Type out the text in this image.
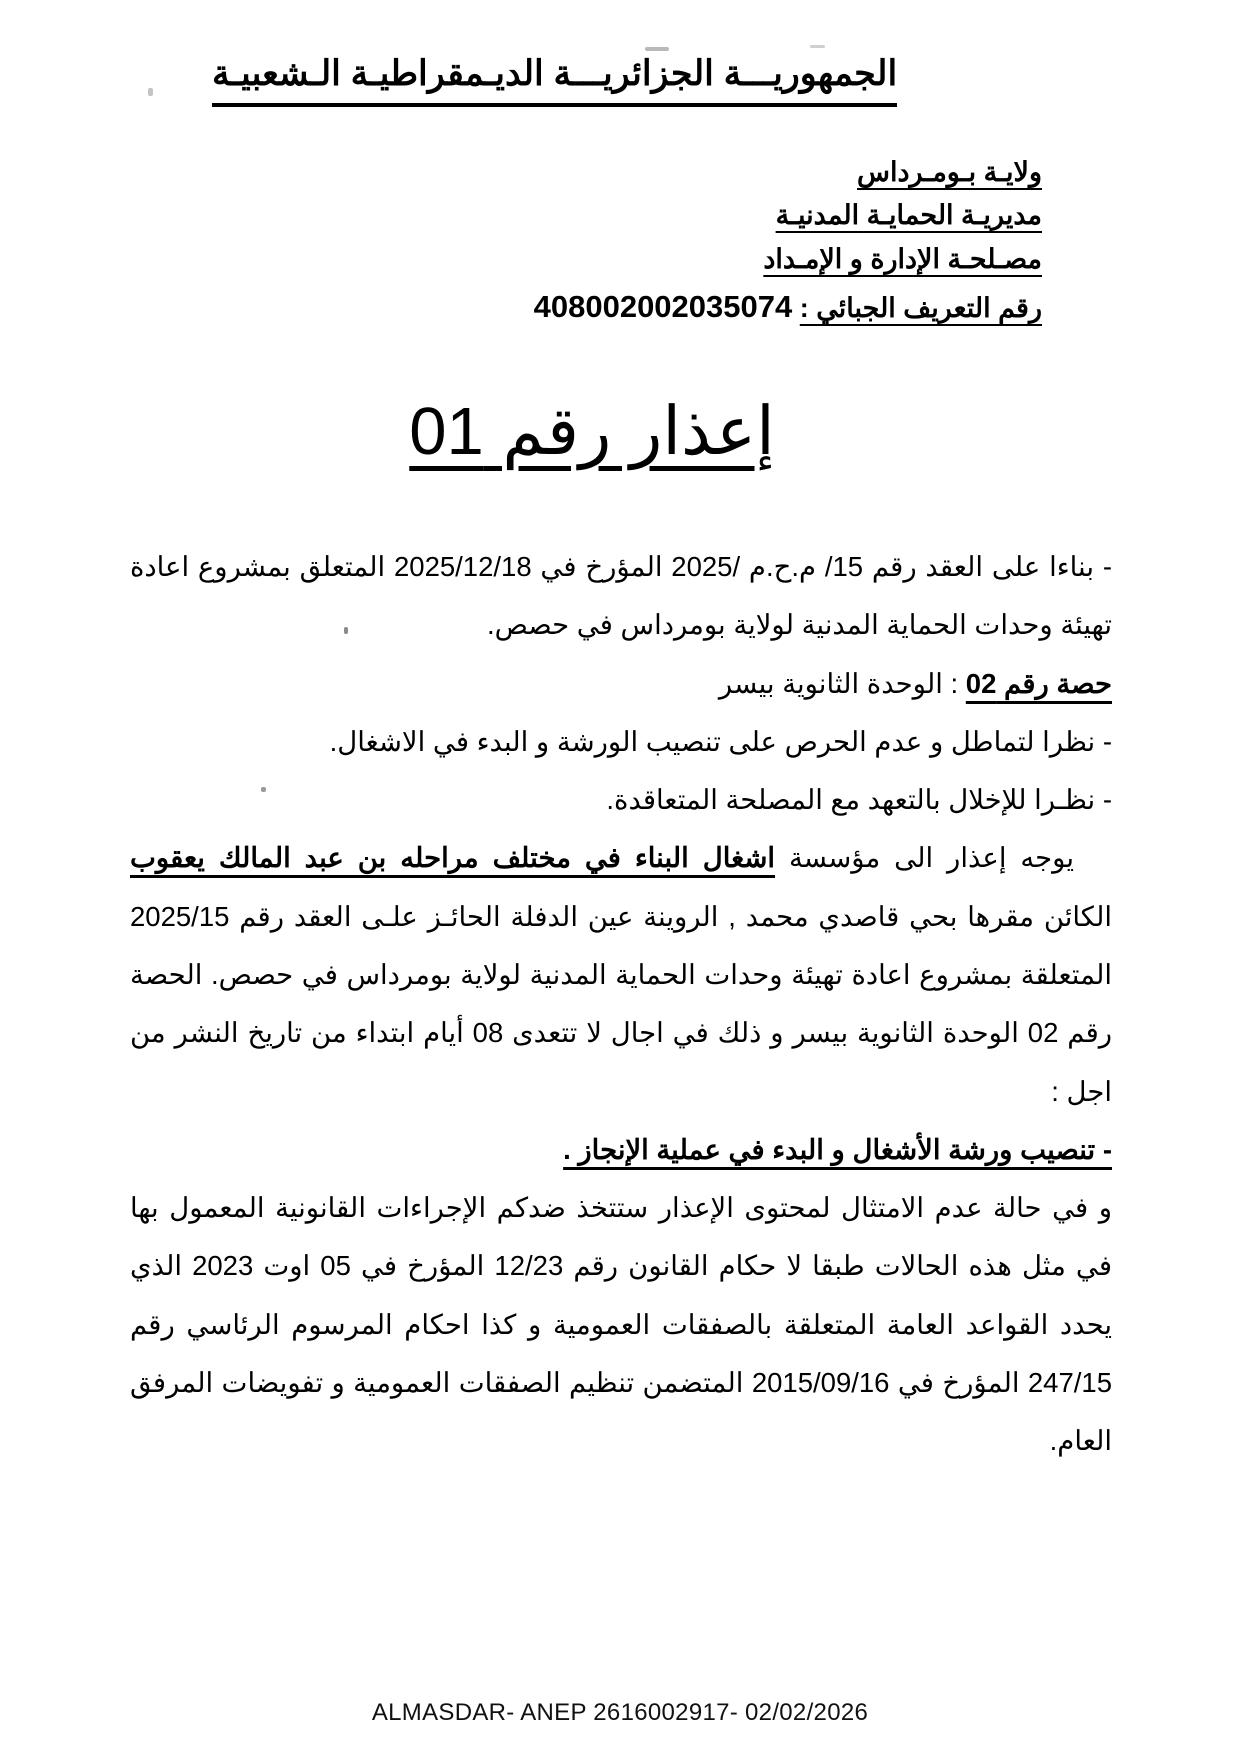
الجمهوريـــة الجزائريـــة الديـمقراطيـة الـشعبيـة
ولايـة بـومـرداس
مديريـة الحمايـة المدنيـة
مصـلحـة الإدارة و الإمـداد
رقم التعريف الجبائي : 408002002035074
إعذار رقم 01

- بناءا على العقد رقم 15/ م.ح.م /2025 المؤرخ في 2025/12/18 المتعلق بمشروع اعادة تهيئة وحدات الحماية المدنية لولاية بومرداس في حصص.

حصة رقم 02 : الوحدة الثانوية بيسر

- نظرا لتماطل و عدم الحرص على تنصيب الورشة و البدء في الاشغال.

- نظـرا للإخلال بالتعهد مع المصلحة المتعاقدة.

يوجه إعذار الى مؤسسة اشغال البناء في مختلف مراحله بن عبد المالك يعقوب الكائن مقرها بحي قاصدي محمد , الروينة عين الدفلة الحائـز علـى العقد رقم 2025/15 المتعلقة بمشروع اعادة تهيئة وحدات الحماية المدنية لولاية بومرداس في حصص. الحصة رقم 02 الوحدة الثانوية بيسر و ذلك في اجال لا تتعدى 08 أيام ابتداء من تاريخ النشر من اجل :

- تنصيب ورشة الأشغال و البدء في عملية الإنجاز .

و في حالة عدم الامتثال لمحتوى الإعذار ستتخذ ضدكم الإجراءات القانونية المعمول بها في مثل هذه الحالات طبقا لا حكام القانون رقم 12/23 المؤرخ في 05 اوت 2023 الذي يحدد القواعد العامة المتعلقة بالصفقات العمومية و كذا احكام المرسوم الرئاسي رقم 247/15 المؤرخ في 2015/09/16 المتضمن تنظيم الصفقات العمومية و تفويضات المرفق العام.

ALMASDAR- ANEP 2616002917- 02/02/2026
